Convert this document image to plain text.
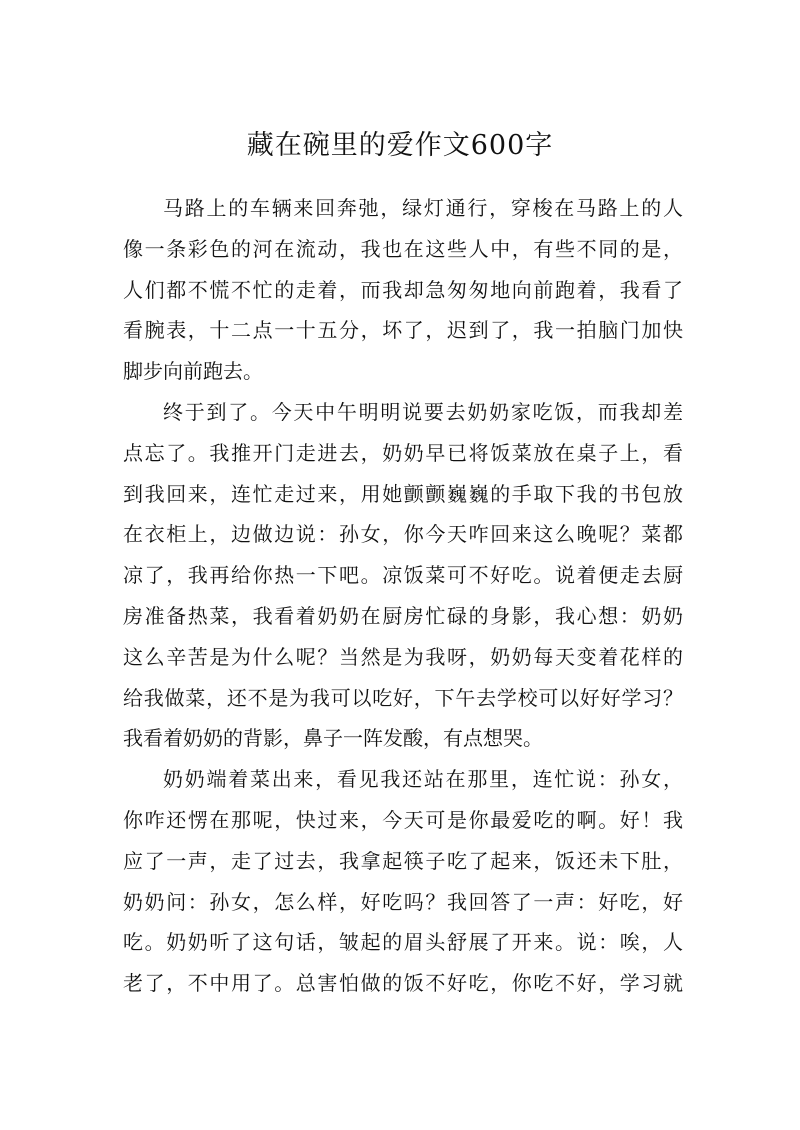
藏在碗里的爱作文600字
马路上的车辆来回奔弛，绿灯通行，穿梭在马路上的人
像一条彩色的河在流动，我也在这些人中，有些不同的是，
人们都不慌不忙的走着，而我却急匆匆地向前跑着，我看了
看腕表，十二点一十五分，坏了，迟到了，我一拍脑门加快
脚步向前跑去。
终于到了。今天中午明明说要去奶奶家吃饭，而我却差
点忘了。我推开门走进去，奶奶早已将饭菜放在桌子上，看
到我回来，连忙走过来，用她颤颤巍巍的手取下我的书包放
在衣柜上，边做边说：孙女，你今天咋回来这么晚呢？菜都
凉了，我再给你热一下吧。凉饭菜可不好吃。说着便走去厨
房准备热菜，我看着奶奶在厨房忙碌的身影，我心想：奶奶
这么辛苦是为什么呢？当然是为我呀，奶奶每天变着花样的
给我做菜，还不是为我可以吃好，下午去学校可以好好学习？
我看着奶奶的背影，鼻子一阵发酸，有点想哭。
奶奶端着菜出来，看见我还站在那里，连忙说：孙女，
你咋还愣在那呢，快过来，今天可是你最爱吃的啊。好！我
应了一声，走了过去，我拿起筷子吃了起来，饭还未下肚，
奶奶问：孙女，怎么样，好吃吗？我回答了一声：好吃，好
吃。奶奶听了这句话，皱起的眉头舒展了开来。说：唉，人
老了，不中用了。总害怕做的饭不好吃，你吃不好，学习就
